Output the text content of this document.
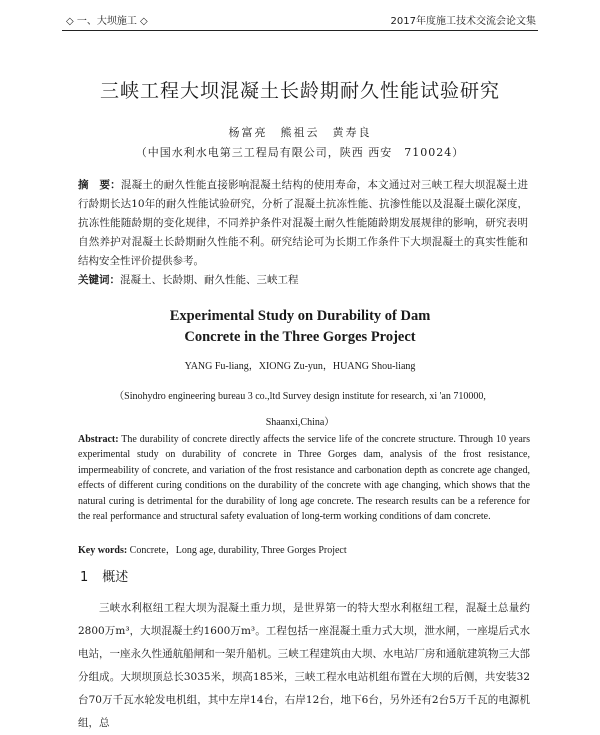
◇ 一、大坝施工 ◇	2017年度施工技术交流会论文集
三峡工程大坝混凝土长龄期耐久性能试验研究
杨富亮　熊祖云　黄寿良
（中国水利水电第三工程局有限公司，陕西 西安　710024）
摘　要：混凝土的耐久性能直接影响混凝土结构的使用寿命，本文通过对三峡工程大坝混凝土进行龄期长达10年的耐久性能试验研究，分析了混凝土抗冻性能、抗渗性能以及混凝土碳化深度，抗冻性能随龄期的变化规律，不同养护条件对混凝土耐久性能随龄期发展规律的影响，研究表明自然养护对混凝土长龄期耐久性能不利。研究结论可为长期工作条件下大坝混凝土的真实性能和结构安全性评价提供参考。
关键词：混凝土、长龄期、耐久性能、三峡工程
Experimental Study on Durability of Dam
Concrete in the Three Gorges Project
YANG Fu-liang，XIONG Zu-yun，HUANG Shou-liang
（Sinohydro engineering bureau 3 co.,ltd Survey design institute for research, xi 'an 710000, Shaanxi,China）
Abstract: The durability of concrete directly affects the service life of the concrete structure. Through 10 years experimental study on durability of concrete in Three Gorges dam, analysis of the frost resistance, impermeability of concrete, and variation of the frost resistance and carbonation depth as concrete age changed, effects of different curing conditions on the durability of the concrete with age changing, which shows that the natural curing is detrimental for the durability of long age concrete. The research results can be a reference for the real performance and structural safety evaluation of long-term working conditions of dam concrete.
Key words: Concrete，Long age, durability, Three Gorges Project
1 概述
三峡水利枢纽工程大坝为混凝土重力坝，是世界第一的特大型水利枢纽工程，混凝土总量约2800万m³，大坝混凝土约1600万m³。工程包括一座混凝土重力式大坝，泄水闸，一座堤后式水电站，一座永久性通航船闸和一架升船机。三峡工程建筑由大坝、水电站厂房和通航建筑物三大部分组成。大坝坝顶总长3035米，坝高185米，三峡工程水电站机组布置在大坝的后侧，共安装32台70万千瓦水轮发电机组，其中左岸14台，右岸12台，地下6台，另外还有2台5万千瓦的电源机组，总
